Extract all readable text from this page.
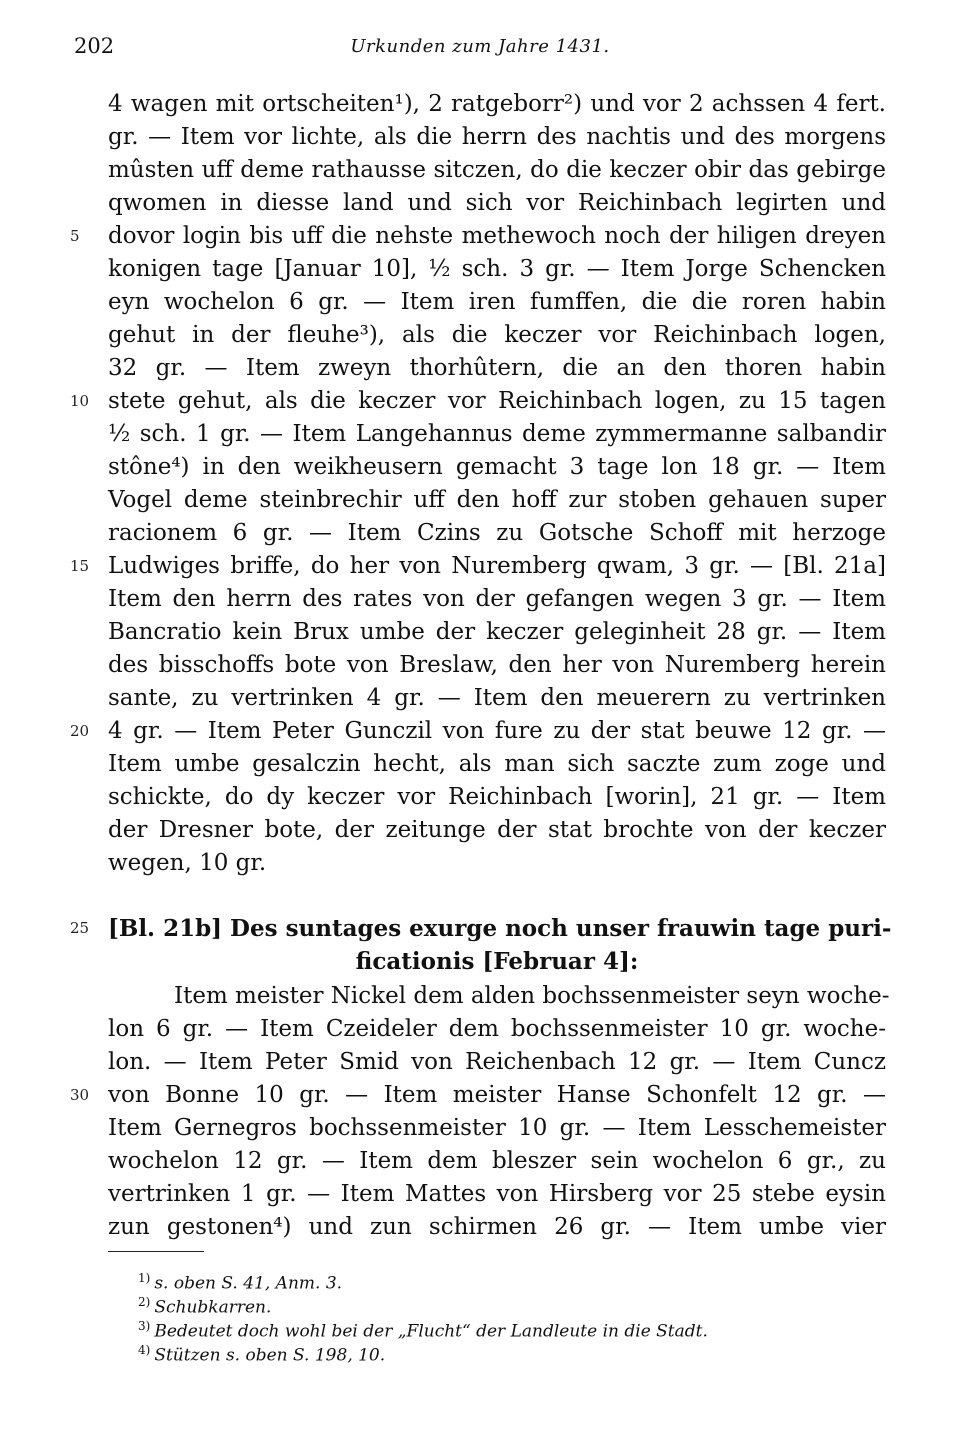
202	Urkunden zum Jahre 1431.
4 wagen mit ortscheiten¹), 2 ratgeborr²) und vor 2 achssen 4 fert.
gr. — Item vor lichte, als die herrn des nachtis und des morgens
mûsten uff deme rathausse sitczen, do die keczer obir das gebirge
qwomen in diesse land und sich vor Reichinbach legirten und
5	dovor login bis uff die nehste methewoch noch der hiligen dreyen
konigen tage [Januar 10], ½ sch. 3 gr. — Item Jorge Schencken
eyn wochelon 6 gr. — Item iren fumffen, die die roren habin
gehut in der fleuhe³), als die keczer vor Reichinbach logen,
32 gr. — Item zweyn thorhûtern, die an den thoren habin
10 stete gehut, als die keczer vor Reichinbach logen, zu 15 tagen
½ sch. 1 gr. — Item Langehannus deme zymmermanne salbandir
stône⁴) in den weikheusern gemacht 3 tage lon 18 gr. — Item
Vogel deme steinbrechir uff den hoff zur stoben gehauen super
racionem 6 gr. — Item Czins zu Gotsche Schoff mit herzoge
15 Ludwiges briffe, do her von Nuremberg qwam, 3 gr. — [Bl. 21a]
Item den herrn des rates von der gefangen wegen 3 gr. — Item
Bancratio kein Brux umbe der keczer geleginheit 28 gr. — Item
des bisschoffs bote von Breslaw, den her von Nuremberg herein
sante, zu vertrinken 4 gr. — Item den meuerern zu vertrinken
20 4 gr. — Item Peter Gunczil von fure zu der stat beuwe 12 gr. —
Item umbe gesalczin hecht, als man sich saczte zum zoge und
schickte, do dy keczer vor Reichinbach [worin], 21 gr. — Item
der Dresner bote, der zeitunge der stat brochte von der keczer
wegen, 10 gr.
25 [Bl. 21b] Des suntages exurge noch unser frauwin tage puri-
ficationis [Februar 4]:
Item meister Nickel dem alden bochssenmeister seyn woche-
lon 6 gr. — Item Czeideler dem bochssenmeister 10 gr. woche-
lon. — Item Peter Smid von Reichenbach 12 gr. — Item Cuncz
30 von Bonne 10 gr. — Item meister Hanse Schonfelt 12 gr. —
Item Gernegros bochssenmeister 10 gr. — Item Lesschemeister
wochelon 12 gr. — Item dem bleszer sein wochelon 6 gr., zu
vertrinken 1 gr. — Item Mattes von Hirsberg vor 25 stebe eysin
zun gestonen⁴) und zun schirmen 26 gr. — Item umbe vier
$^{1)}$ s. oben S. 41, Anm. 3.
$^{2)}$ Schubkarren.
$^{3)}$ Bedeutet doch wohl bei der „Flucht“ der Landleute in die Stadt.
$^{4)}$ Stützen s. oben S. 198, 10.
